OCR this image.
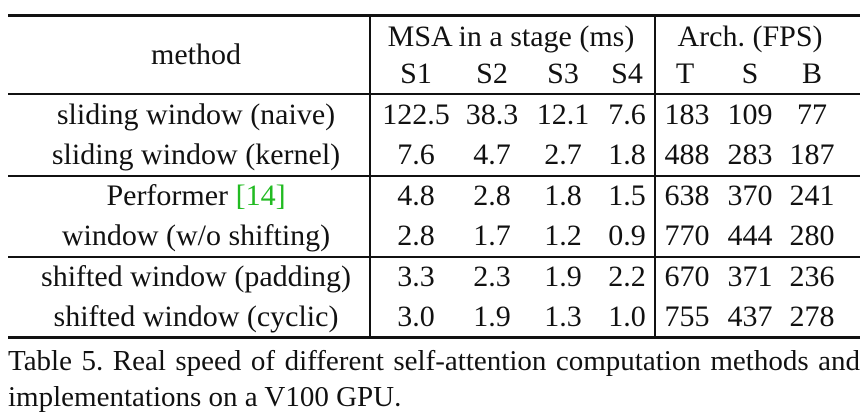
method
MSA in a stage (ms) Arch. (FPS)
S1 S2 S3 S4 T S B
sliding window (naive) 122.5 38.3 12.1 7.6 183 109 77
sliding window (kernel) 7.6 4.7 2.7 1.8 488 283 187
Performer [14]	4.8 2.8 1.8 1.5 638 370 241
window (w/o shifting) 2.8 1.7 1.2 0.9 770 444 280
shifted window (padding) 3.3 2.3 1.9 2.2 670 371 236
shifted window (cyclic) 3.0 1.9 1.3 1.0 755 437 278
Table 5. Real speed of different self-attention computation methods and implementations on a V100 GPU.
